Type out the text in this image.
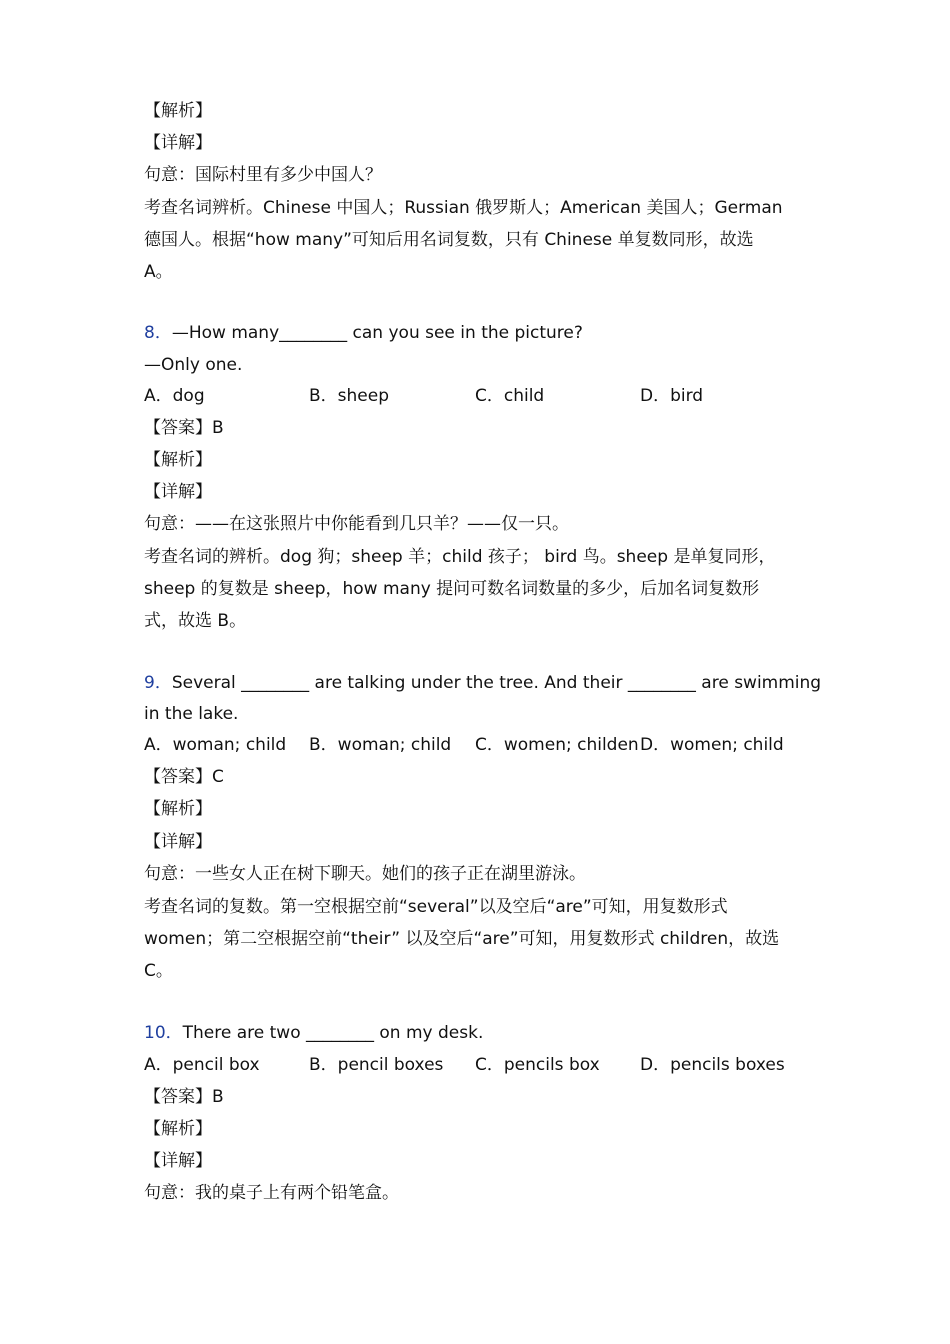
【解析】
【详解】
句意：国际村里有多少中国人？
考查名词辨析。Chinese 中国人；Russian 俄罗斯人；American 美国人；German
德国人。根据“how many”可知后用名词复数，只有 Chinese 单复数同形，故选
A。
8．—How many________ can you see in the picture?
—Only one.
A．dog	B．sheep	C．child	D．bird
【答案】B
【解析】
【详解】
句意：——在这张照片中你能看到几只羊？——仅一只。
考查名词的辨析。dog 狗；sheep 羊；child 孩子； bird 鸟。sheep 是单复同形，
sheep 的复数是 sheep，how many 提问可数名词数量的多少，后加名词复数形
式，故选 B。
9．Several ________ are talking under the tree. And their ________ are swimming
in the lake.
A．woman; child B．woman; child C．women; childen D．women; child
【答案】C
【解析】
【详解】
句意：一些女人正在树下聊天。她们的孩子正在湖里游泳。
考查名词的复数。第一空根据空前“several”以及空后“are”可知，用复数形式
women；第二空根据空前“their” 以及空后“are”可知，用复数形式 children，故选
C。
10．There are two ________ on my desk.
A．pencil box	B．pencil boxes C．pencils box D．pencils boxes
【答案】B
【解析】
【详解】
句意：我的桌子上有两个铅笔盒。
